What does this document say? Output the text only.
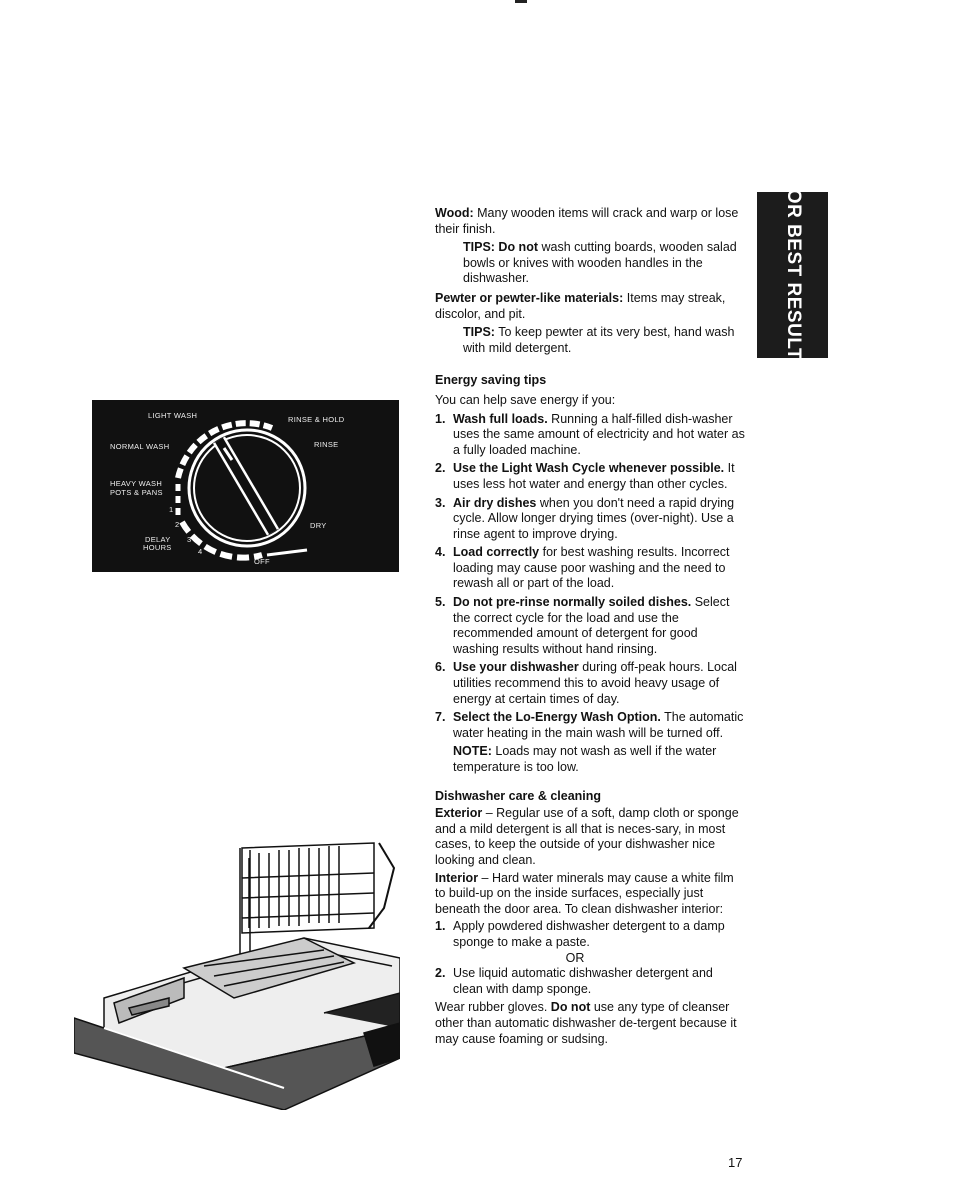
FOR BEST RESULTS
LIGHT WASH
NORMAL WASH
HEAVY WASH
POTS & PANS
RINSE & HOLD
RINSE
DRY
OFF
DELAY
HOURS
1
2
3
4

Wood: Many wooden items will crack and warp or lose their finish.

TIPS: Do not wash cutting boards, wooden salad bowls or knives with wooden handles in the dishwasher.

Pewter or pewter-like materials: Items may streak, discolor, and pit.

TIPS: To keep pewter at its very best, hand wash with mild detergent.

Energy saving tips

You can help save energy if you:

1. Wash full loads. Running a half-filled dish-washer uses the same amount of electricity and hot water as a fully loaded machine.
2. Use the Light Wash Cycle whenever possible. It uses less hot water and energy than other cycles.
3. Air dry dishes when you don't need a rapid drying cycle. Allow longer drying times (over-night). Use a rinse agent to improve drying.
4. Load correctly for best washing results. Incorrect loading may cause poor washing and the need to rewash all or part of the load.
5. Do not pre-rinse normally soiled dishes. Select the correct cycle for the load and use the recommended amount of detergent for good washing results without hand rinsing.
6. Use your dishwasher during off-peak hours. Local utilities recommend this to avoid heavy usage of energy at certain times of day.
7. Select the Lo-Energy Wash Option. The automatic water heating in the main wash will be turned off.

NOTE: Loads may not wash as well if the water temperature is too low.

Dishwasher care & cleaning

Exterior – Regular use of a soft, damp cloth or sponge and a mild detergent is all that is neces-sary, in most cases, to keep the outside of your dishwasher nice looking and clean.

Interior – Hard water minerals may cause a white film to build-up on the inside surfaces, especially just beneath the door area. To clean dishwasher interior:

1. Apply powdered dishwasher detergent to a damp sponge to make a paste.

OR

2. Use liquid automatic dishwasher detergent and clean with damp sponge.

Wear rubber gloves. Do not use any type of cleanser other than automatic dishwasher de-tergent because it may cause foaming or sudsing.

17
